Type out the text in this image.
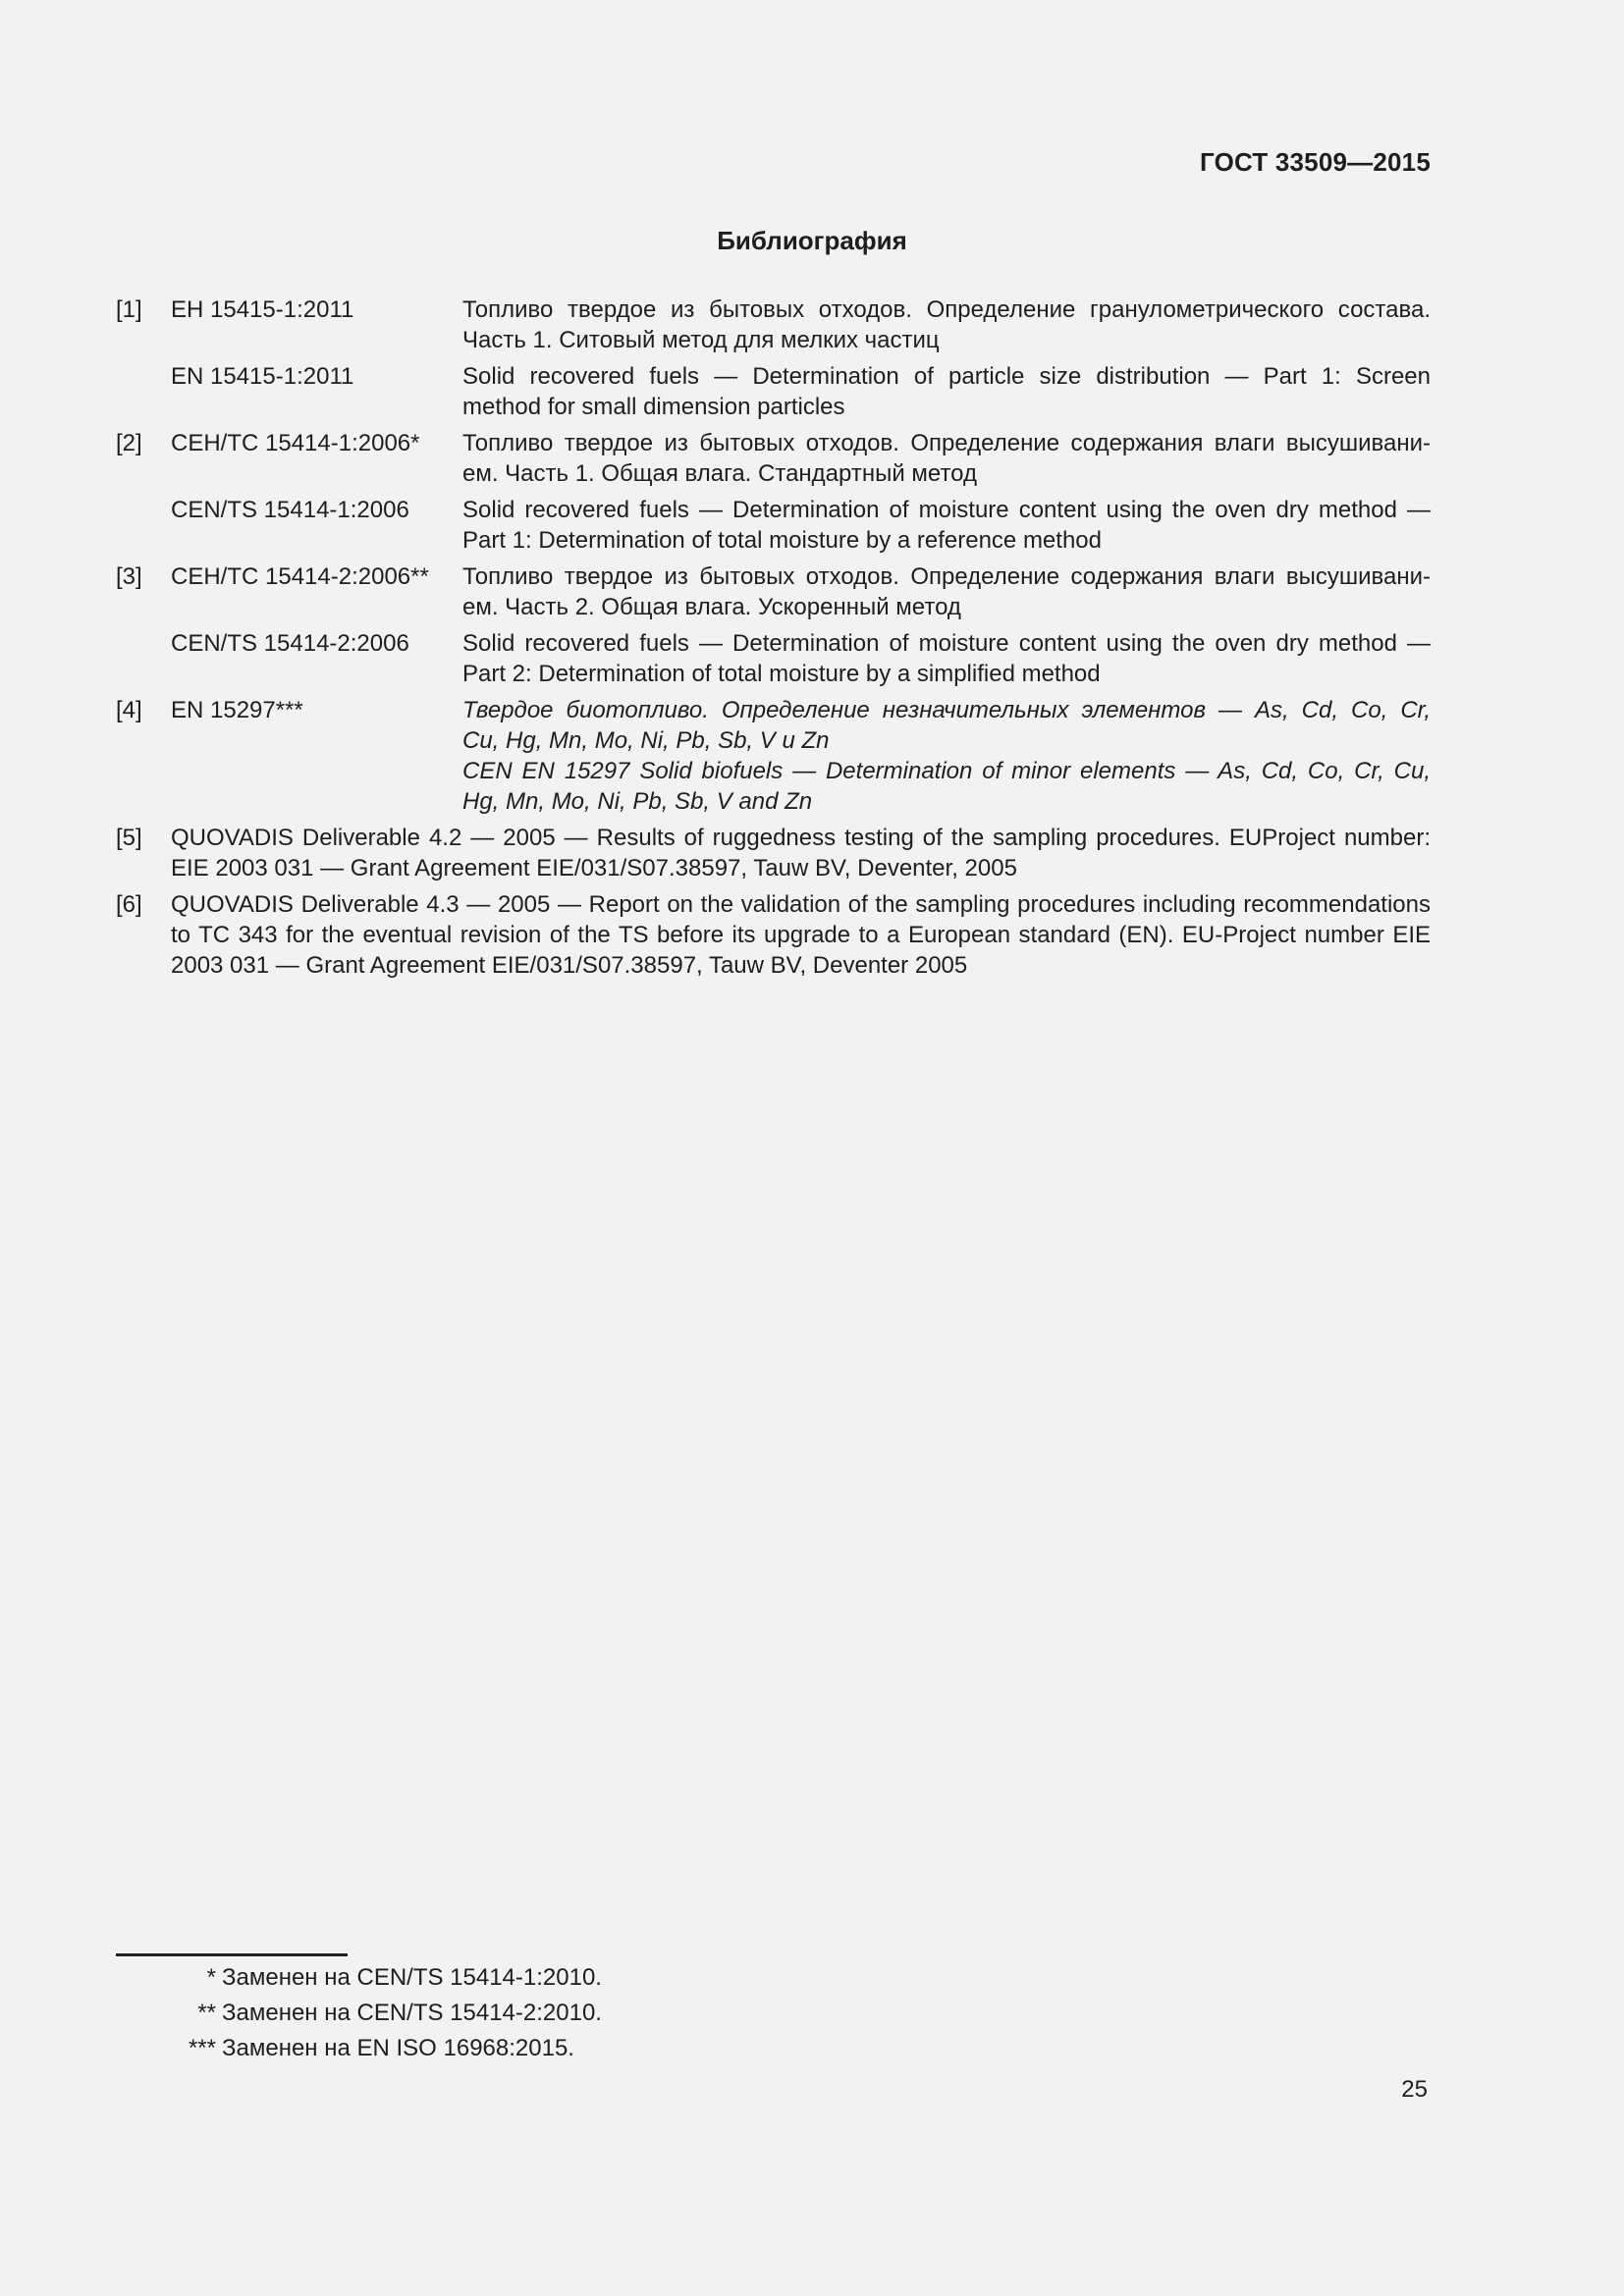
ГОСТ 33509—2015
Библиография
[1]	ЕН 15415-1:2011	Топливо твердое из бытовых отходов. Определение гранулометрического состава.
Часть 1. Ситовый метод для мелких частиц
EN 15415-1:2011	Solid recovered fuels — Determination of particle size distribution — Part 1: Screen
method for small dimension particles
[2]	СЕН/ТС 15414-1:2006*	Топливо твердое из бытовых отходов. Определение содержания влаги высушивани-
ем. Часть 1. Общая влага. Стандартный метод
CEN/TS 15414-1:2006	Solid recovered fuels — Determination of moisture content using the oven dry method —
Part 1: Determination of total moisture by a reference method
[3]	СЕН/ТС 15414-2:2006**	Топливо твердое из бытовых отходов. Определение содержания влаги высушивани-
ем. Часть 2. Общая влага. Ускоренный метод
CEN/TS 15414-2:2006	Solid recovered fuels — Determination of moisture content using the oven dry method —
Part 2: Determination of total moisture by a simplified method
[4]	EN 15297***	Твердое биотопливо. Определение незначительных элементов — As, Cd, Co, Cr,
Cu, Hg, Mn, Mo, Ni, Pb, Sb, V и Zn
CEN EN 15297 Solid biofuels — Determination of minor elements — As, Cd, Co, Cr, Cu,
Hg, Mn, Mo, Ni, Pb, Sb, V and Zn
[5]	QUOVADIS Deliverable 4.2 — 2005 — Results of ruggedness testing of the sampling procedures. EUProject number:
EIE 2003 031 — Grant Agreement EIE/031/S07.38597, Tauw BV, Deventer, 2005
[6]	QUOVADIS Deliverable 4.3 — 2005 — Report on the validation of the sampling procedures including recommendations
to TC 343 for the eventual revision of the TS before its upgrade to a European standard (EN). EU-Project number EIE
2003 031 — Grant Agreement EIE/031/S07.38597, Tauw BV, Deventer 2005
* Заменен на CEN/TS 15414-1:2010.
** Заменен на CEN/TS 15414-2:2010.
*** Заменен на EN ISO 16968:2015.
25
